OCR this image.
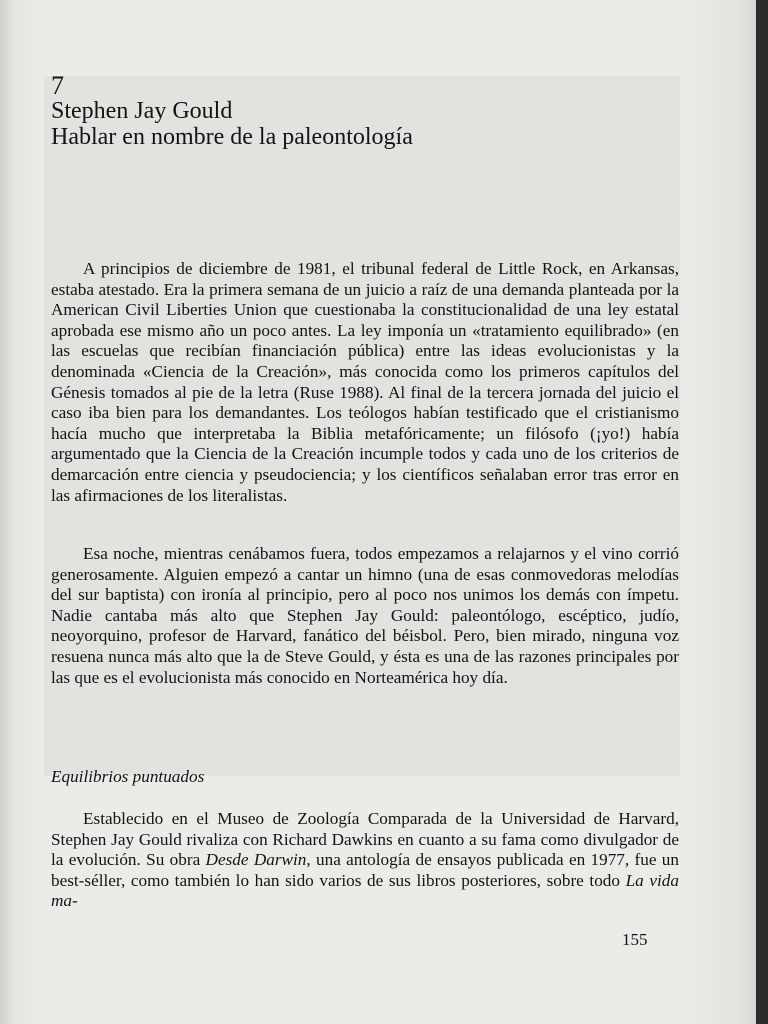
7
Stephen Jay Gould
Hablar en nombre de la paleontología

A principios de diciembre de 1981, el tribunal federal de Little Rock, en Arkansas, estaba atestado. Era la primera semana de un juicio a raíz de una demanda planteada por la American Civil Liberties Union que cuestionaba la constitucionalidad de una ley estatal aprobada ese mismo año un poco antes. La ley imponía un «tratamiento equilibrado» (en las escuelas que recibían financiación pública) entre las ideas evolucionistas y la denominada «Ciencia de la Creación», más conocida como los primeros capítulos del Génesis tomados al pie de la letra (Ruse 1988). Al final de la tercera jornada del juicio el caso iba bien para los demandantes. Los teólogos habían testificado que el cristianismo hacía mucho que interpretaba la Biblia metafóricamente; un filósofo (¡yo!) había argumentado que la Ciencia de la Creación incumple todos y cada uno de los criterios de demarcación entre ciencia y pseudociencia; y los científicos señalaban error tras error en las afirmaciones de los literalistas.

Esa noche, mientras cenábamos fuera, todos empezamos a relajarnos y el vino corrió generosamente. Alguien empezó a cantar un himno (una de esas conmovedoras melodías del sur baptista) con ironía al principio, pero al poco nos unimos los demás con ímpetu. Nadie cantaba más alto que Stephen Jay Gould: paleontólogo, escéptico, judío, neoyorquino, profesor de Harvard, fanático del béisbol. Pero, bien mirado, ninguna voz resuena nunca más alto que la de Steve Gould, y ésta es una de las razones principales por las que es el evolucionista más conocido en Norteamérica hoy día.

Equilibrios puntuados

Establecido en el Museo de Zoología Comparada de la Universidad de Harvard, Stephen Jay Gould rivaliza con Richard Dawkins en cuanto a su fama como divulgador de la evolución. Su obra Desde Darwin, una antología de ensayos publicada en 1977, fue un best-séller, como también lo han sido varios de sus libros posteriores, sobre todo La vida ma-

155
